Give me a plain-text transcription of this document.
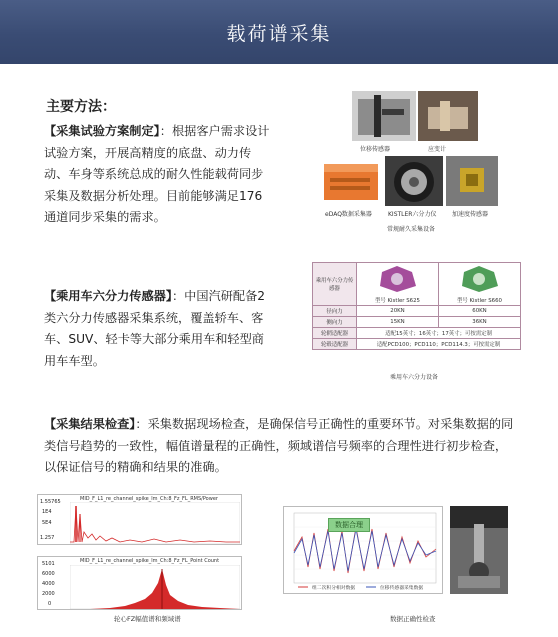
载荷谱采集
主要方法：
【采集试验方案制定】：根据客户需求设计试验方案，开展高精度的底盘、动力传动、车身等系统总成的耐久性能载荷同步采集及数据分析处理。目前能够满足176通道同步采集的需求。
【乘用车六分力传感器】：中国汽研配备2类六分力传感器采集系统，覆盖轿车、客车、SUV、轻卡等大部分乘用车和轻型商用车车型。
【采集结果检查】：采集数据现场检查，是确保信号正确性的重要环节。对采集数据的同类信号趋势的一致性，幅值谱量程的正确性，频域谱信号频率的合理性进行初步检查，以保证信号的精确和结果的准确。
位移传感器	应变计
eDAQ数据采集器	KISTLER六分力仪	加速度传感器
常规耐久采集设备
乘用车六分力传感器	型号 Kistler S625	型号 Kistler S660
径向力	20KN	60KN
侧向力	15KN	36KN
轮辋适配器	适配15英寸；16英寸；17英寸；可按需定制	
轮毂适配器	适配PCD100；PCD110；PCD114.3；可按需定制	
乘用车六分力设备
MID_F_L1_re_channel_spike_lm_Ch:8_Fz_FL_RMS/Power
1.55765
1E4
5E4
1.257
MID_F_L1_re_channel_spike_lm_Ch:8_Fz_FL_Point Count
5101
6000
4000
2000
0
轮心FZ幅值谱和频域谱
数据合理
组二次积分相对数据	位移传感器采集数据
数据正确性检查
